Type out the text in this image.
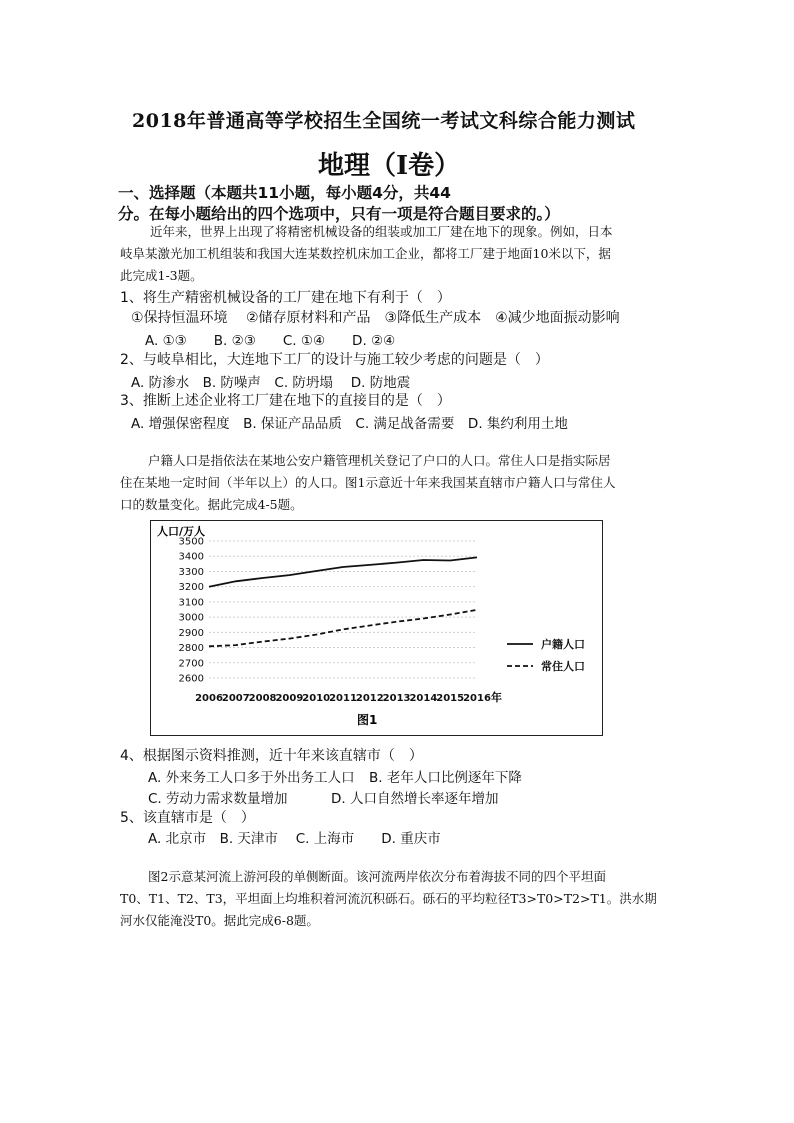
2018年普通高等学校招生全国统一考试文科综合能力测试
地理（Ⅰ卷）
一、选择题（本题共11小题，每小题4分，共44
分。在每小题给出的四个选项中，只有一项是符合题目要求的。）
近年来，世界上出现了将精密机械设备的组装或加工厂建在地下的现象。例如，日本
岐阜某激光加工机组装和我国大连某数控机床加工企业，都将工厂建于地面10米以下，据
此完成1-3题。
1、将生产精密机械设备的工厂建在地下有利于（　）
①保持恒温环境　 ②储存原材料和产品　③降低生产成本　④减少地面振动影响
A. ①③　　B. ②③　　C. ①④　　D. ②④
2、与岐阜相比，大连地下工厂的设计与施工较少考虑的问题是（　）
A. 防渗水　B. 防噪声　C. 防坍塌　 D. 防地震
3、推断上述企业将工厂建在地下的直接目的是（　）
A. 增强保密程度　B. 保证产品品质　C. 满足战备需要　D. 集约利用土地
户籍人口是指依法在某地公安户籍管理机关登记了户口的人口。常住人口是指实际居
住在某地一定时间（半年以上）的人口。图1示意近十年来我国某直辖市户籍人口与常住人
口的数量变化。据此完成4-5题。
人口/万人
2600
2700
2800
2900
3000
3100
3200
3300
3400
3500
2006
2007
2008
2009
2010
2011
2012
2013
2014
2015
2016
户籍人口
常住人口
年
图1
4、根据图示资料推测，近十年来该直辖市（　）
A. 外来务工人口多于外出务工人口 B. 老年人口比例逐年下降
C. 劳动力需求数量增加	D. 人口自然增长率逐年增加
5、该直辖市是（　）
A. 北京市　B. 天津市　 C. 上海市　　D. 重庆市
图2示意某河流上游河段的单侧断面。该河流两岸依次分布着海拔不同的四个平坦面
T0、T1、T2、T3，平坦面上均堆积着河流沉积砾石。砾石的平均粒径T3>T0>T2>T1。洪水期
河水仅能淹没T0。据此完成6-8题。
